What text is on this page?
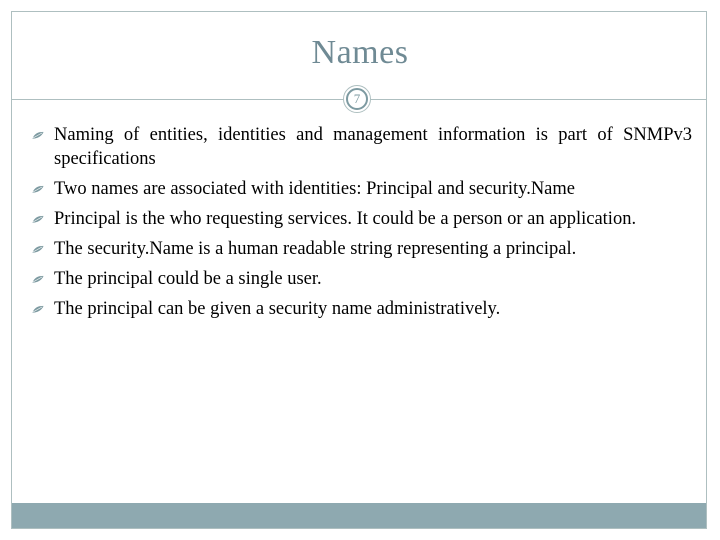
Names
7
Naming of entities, identities and management information is part of SNMPv3 specifications
Two names are associated with identities: Principal and security.Name
Principal is the who requesting services. It could be a person or an application.
The security.Name is a human readable string representing a principal.
The principal could be a single user.
The principal can be given a security name administratively.
